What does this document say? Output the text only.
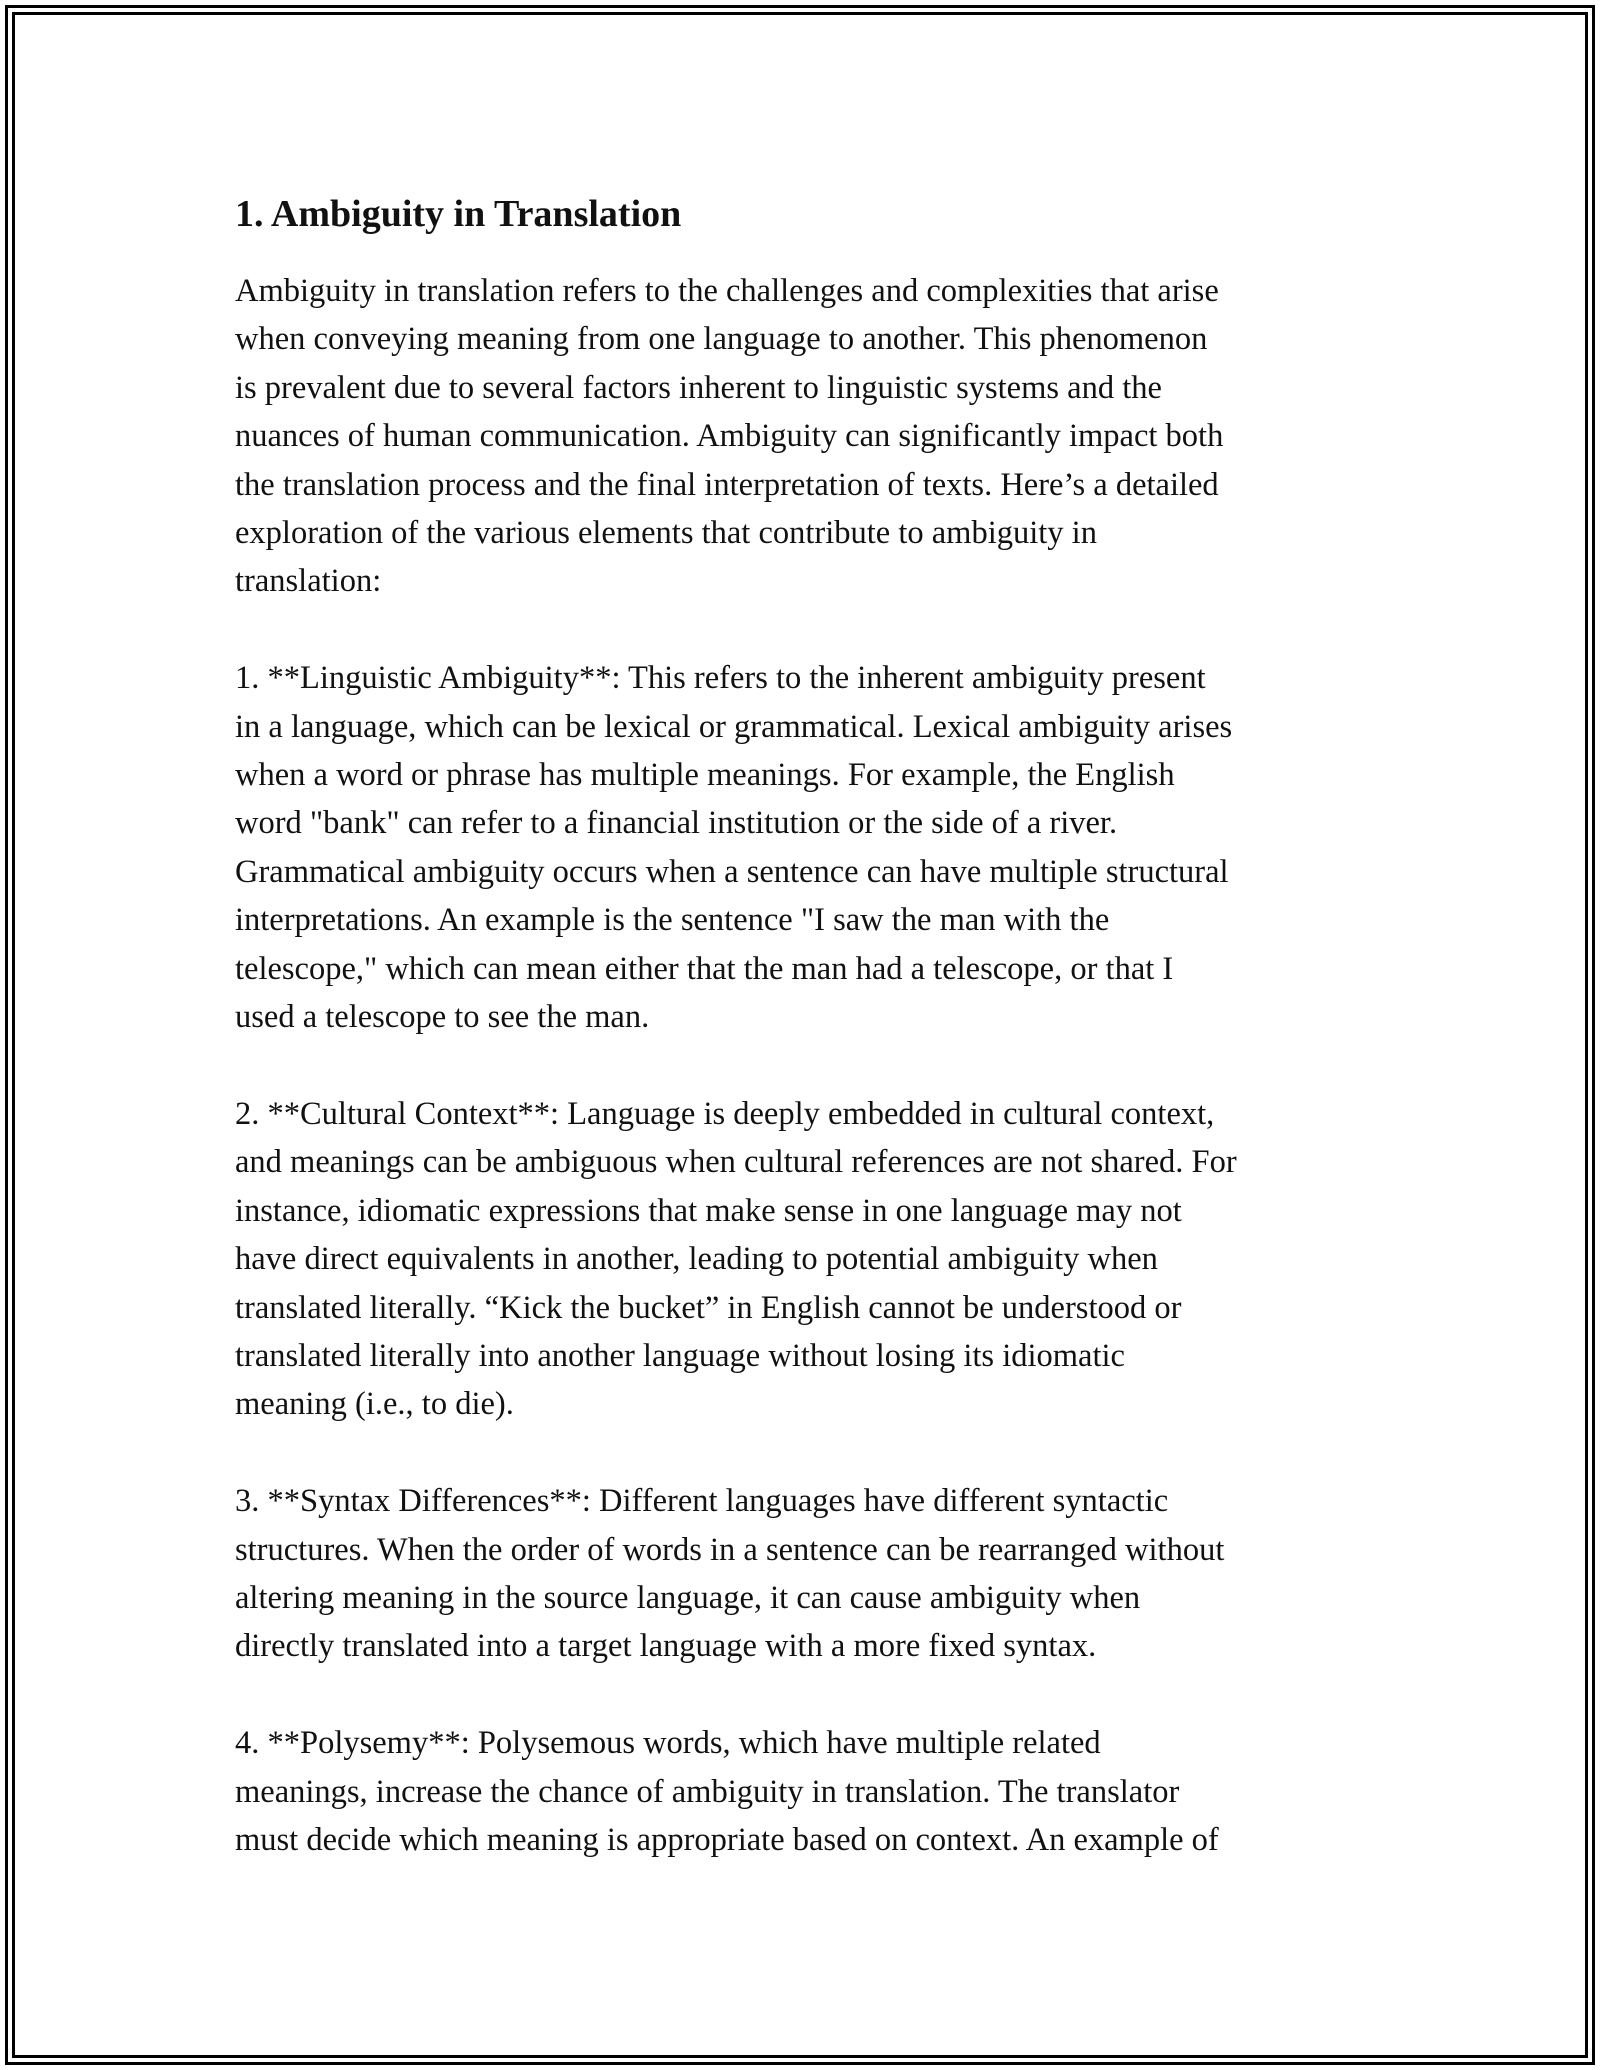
1. Ambiguity in Translation

Ambiguity in translation refers to the challenges and complexities that arise
when conveying meaning from one language to another. This phenomenon
is prevalent due to several factors inherent to linguistic systems and the
nuances of human communication. Ambiguity can significantly impact both
the translation process and the final interpretation of texts. Here’s a detailed
exploration of the various elements that contribute to ambiguity in
translation:

1. **Linguistic Ambiguity**: This refers to the inherent ambiguity present
in a language, which can be lexical or grammatical. Lexical ambiguity arises
when a word or phrase has multiple meanings. For example, the English
word "bank" can refer to a financial institution or the side of a river.
Grammatical ambiguity occurs when a sentence can have multiple structural
interpretations. An example is the sentence "I saw the man with the
telescope," which can mean either that the man had a telescope, or that I
used a telescope to see the man.

2. **Cultural Context**: Language is deeply embedded in cultural context,
and meanings can be ambiguous when cultural references are not shared. For
instance, idiomatic expressions that make sense in one language may not
have direct equivalents in another, leading to potential ambiguity when
translated literally. “Kick the bucket” in English cannot be understood or
translated literally into another language without losing its idiomatic
meaning (i.e., to die).

3. **Syntax Differences**: Different languages have different syntactic
structures. When the order of words in a sentence can be rearranged without
altering meaning in the source language, it can cause ambiguity when
directly translated into a target language with a more fixed syntax.

4. **Polysemy**: Polysemous words, which have multiple related
meanings, increase the chance of ambiguity in translation. The translator
must decide which meaning is appropriate based on context. An example of
